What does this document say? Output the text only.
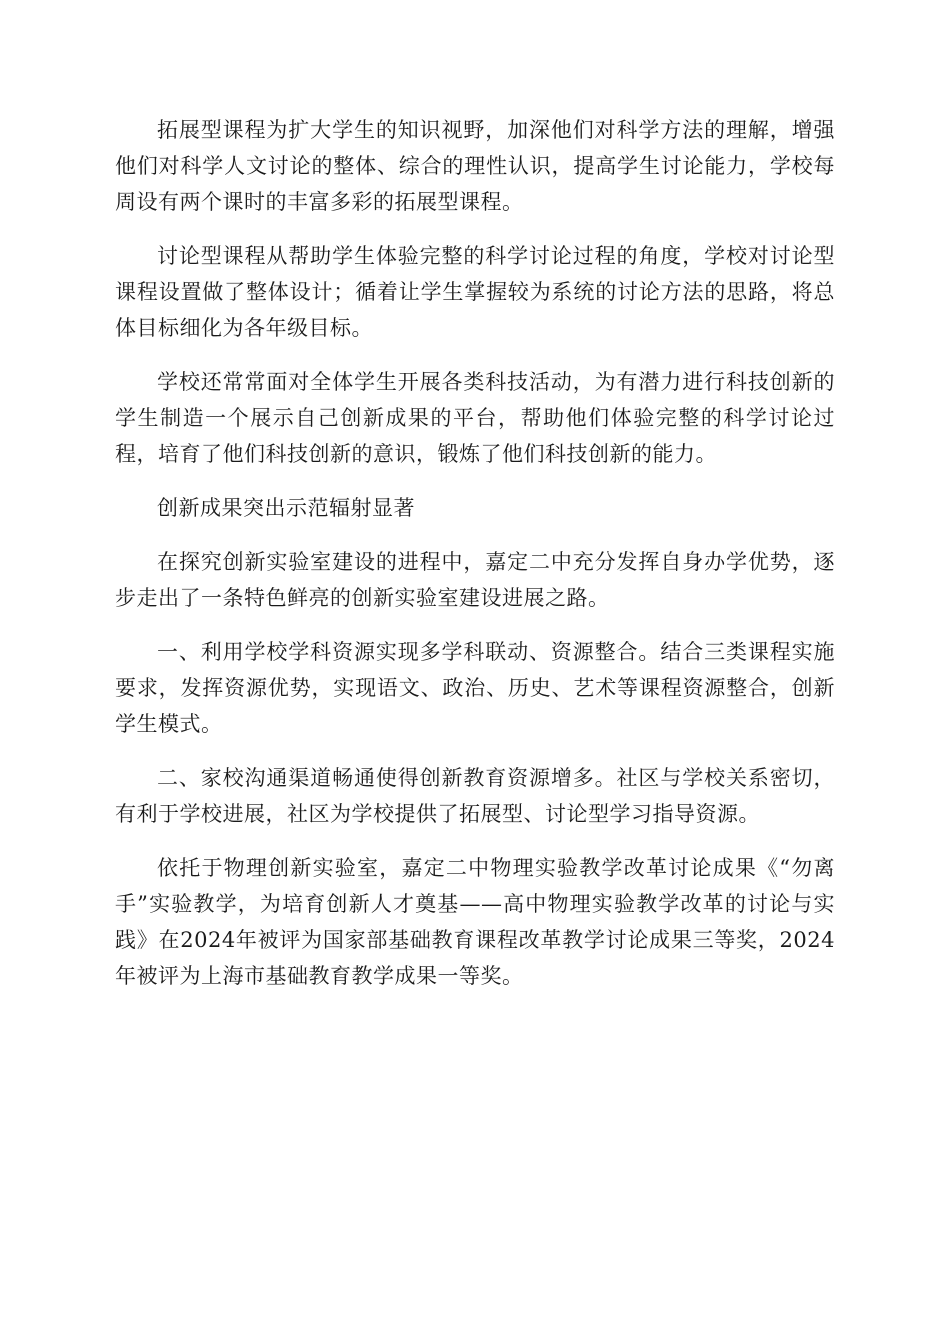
拓展型课程为扩大学生的知识视野，加深他们对科学方法的理解，增强他们对科学人文讨论的整体、综合的理性认识，提高学生讨论能力，学校每周设有两个课时的丰富多彩的拓展型课程。

讨论型课程从帮助学生体验完整的科学讨论过程的角度，学校对讨论型课程设置做了整体设计；循着让学生掌握较为系统的讨论方法的思路，将总体目标细化为各年级目标。

学校还常常面对全体学生开展各类科技活动，为有潜力进行科技创新的学生制造一个展示自己创新成果的平台，帮助他们体验完整的科学讨论过程，培育了他们科技创新的意识，锻炼了他们科技创新的能力。

创新成果突出示范辐射显著

在探究创新实验室建设的进程中，嘉定二中充分发挥自身办学优势，逐步走出了一条特色鲜亮的创新实验室建设进展之路。

一、利用学校学科资源实现多学科联动、资源整合。结合三类课程实施要求，发挥资源优势，实现语文、政治、历史、艺术等课程资源整合，创新学生模式。

二、家校沟通渠道畅通使得创新教育资源增多。社区与学校关系密切，有利于学校进展，社区为学校提供了拓展型、讨论型学习指导资源。

依托于物理创新实验室，嘉定二中物理实验教学改革讨论成果《“勿离手”实验教学，为培育创新人才奠基——高中物理实验教学改革的讨论与实践》在2024年被评为国家部基础教育课程改革教学讨论成果三等奖，2024年被评为上海市基础教育教学成果一等奖。
